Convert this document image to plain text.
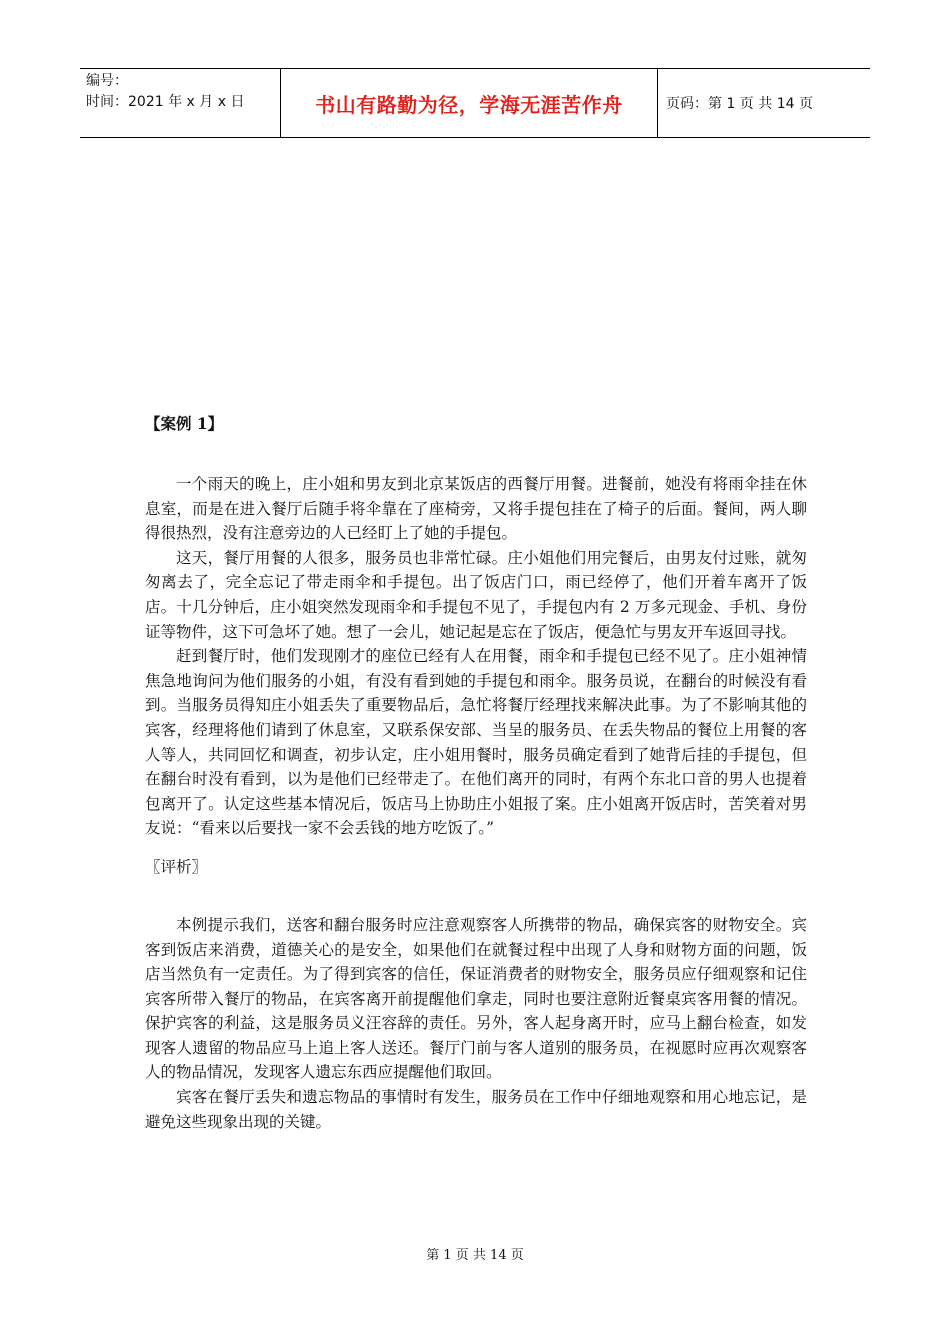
编号：
时间：2021 年 x 月 x 日	书山有路勤为径，学海无涯苦作舟	页码：第 1 页 共 14 页
【案例 1】

一个雨天的晚上，庄小姐和男友到北京某饭店的西餐厅用餐。进餐前，她没有将雨伞挂在休息室，而是在进入餐厅后随手将伞靠在了座椅旁，又将手提包挂在了椅子的后面。餐间，两人聊得很热烈，没有注意旁边的人已经盯上了她的手提包。

这天，餐厅用餐的人很多，服务员也非常忙碌。庄小姐他们用完餐后，由男友付过账，就匆匆离去了，完全忘记了带走雨伞和手提包。出了饭店门口，雨已经停了，他们开着车离开了饭店。十几分钟后，庄小姐突然发现雨伞和手提包不见了，手提包内有 2 万多元现金、手机、身份证等物件，这下可急坏了她。想了一会儿，她记起是忘在了饭店，便急忙与男友开车返回寻找。

赶到餐厅时，他们发现刚才的座位已经有人在用餐，雨伞和手提包已经不见了。庄小姐神情焦急地询问为他们服务的小姐，有没有看到她的手提包和雨伞。服务员说，在翻台的时候没有看到。当服务员得知庄小姐丢失了重要物品后，急忙将餐厅经理找来解决此事。为了不影响其他的宾客，经理将他们请到了休息室，又联系保安部、当呈的服务员、在丢失物品的餐位上用餐的客人等人，共同回忆和调查，初步认定，庄小姐用餐时，服务员确定看到了她背后挂的手提包，但在翻台时没有看到，以为是他们已经带走了。在他们离开的同时，有两个东北口音的男人也提着包离开了。认定这些基本情况后，饭店马上协助庄小姐报了案。庄小姐离开饭店时，苦笑着对男友说：“看来以后要找一家不会丢钱的地方吃饭了。”

〖评析〗

本例提示我们，送客和翻台服务时应注意观察客人所携带的物品，确保宾客的财物安全。宾客到饭店来消费，道德关心的是安全，如果他们在就餐过程中出现了人身和财物方面的问题，饭店当然负有一定责任。为了得到宾客的信任，保证消费者的财物安全，服务员应仔细观察和记住宾客所带入餐厅的物品，在宾客离开前提醒他们拿走，同时也要注意附近餐桌宾客用餐的情况。保护宾客的利益，这是服务员义汪容辞的责任。另外，客人起身离开时，应马上翻台检查，如发现客人遗留的物品应马上追上客人送还。餐厅门前与客人道别的服务员，在视愿时应再次观察客人的物品情况，发现客人遗忘东西应提醒他们取回。

宾客在餐厅丢失和遗忘物品的事情时有发生，服务员在工作中仔细地观察和用心地忘记，是避免这些现象出现的关键。

第 1 页 共 14 页
